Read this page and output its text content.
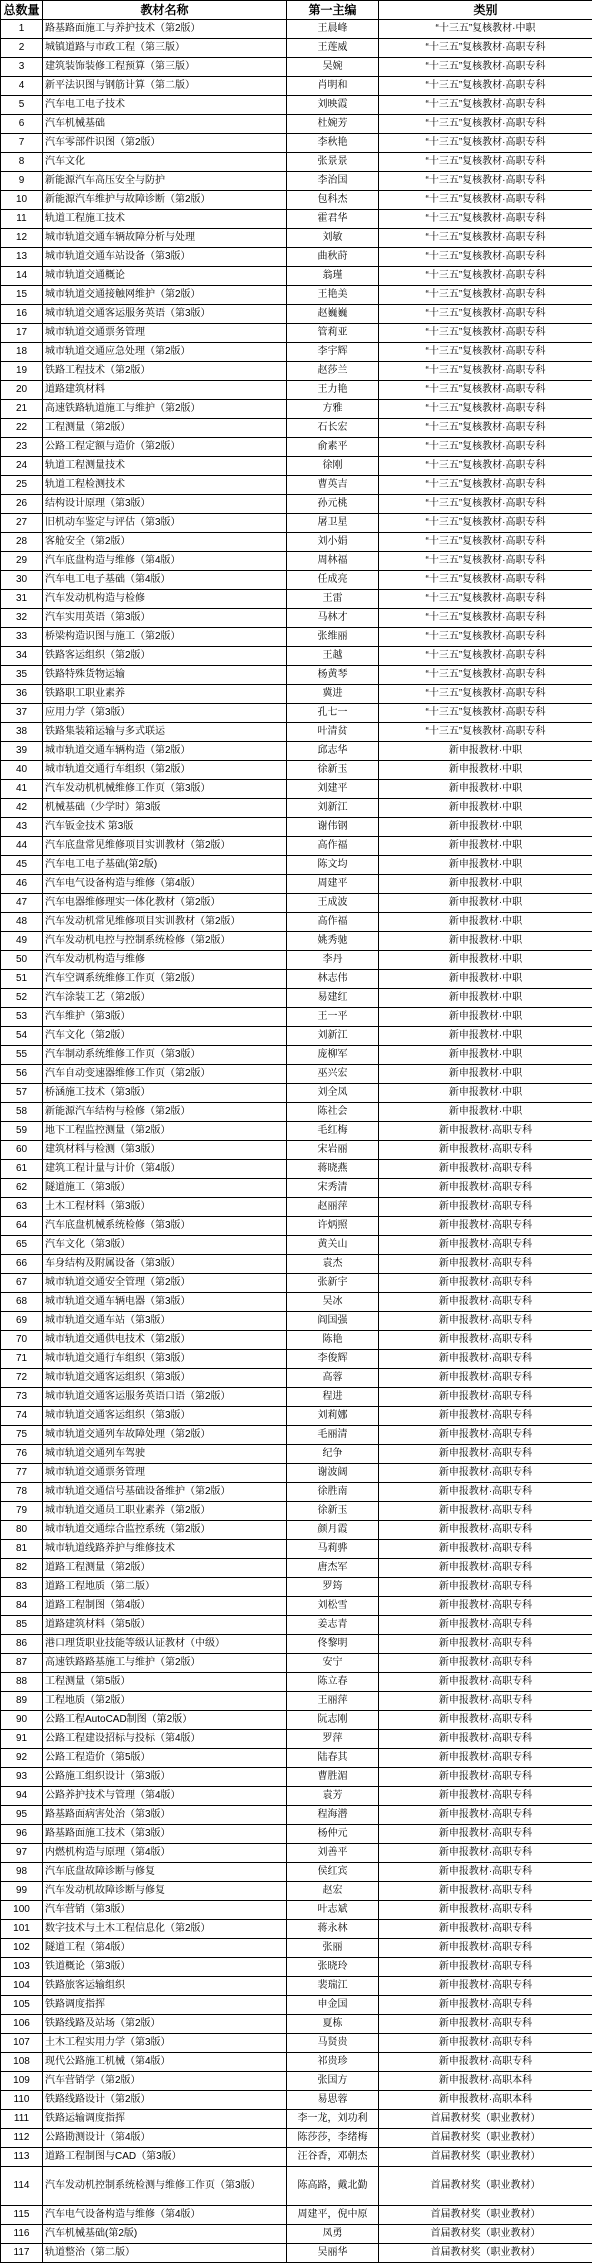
总数量	教材名称	第一主编	类别
1	路基路面施工与养护技术（第2版）	王晨峰	“十三五”复核教材·中职
2	城镇道路与市政工程（第三版）	王莲威	“十三五”复核教材·高职专科
3	建筑装饰装修工程预算（第三版）	吴婉	“十三五”复核教材·高职专科
4	新平法识图与钢筋计算（第二版）	肖明和	“十三五”复核教材·高职专科
5	汽车电工电子技术	刘映霞	“十三五”复核教材·高职专科
6	汽车机械基础	杜婉芳	“十三五”复核教材·高职专科
7	汽车零部件识图（第2版）	李秋艳	“十三五”复核教材·高职专科
8	汽车文化	张景景	“十三五”复核教材·高职专科
9	新能源汽车高压安全与防护	李治国	“十三五”复核教材·高职专科
10	新能源汽车维护与故障诊断（第2版）	包科杰	“十三五”复核教材·高职专科
11	轨道工程施工技术	霍君华	“十三五”复核教材·高职专科
12	城市轨道交通车辆故障分析与处理	刘敏	“十三五”复核教材·高职专科
13	城市轨道交通车站设备（第3版）	曲秋莳	“十三五”复核教材·高职专科
14	城市轨道交通概论	翁瑾	“十三五”复核教材·高职专科
15	城市轨道交通接触网维护（第2版）	王艳美	“十三五”复核教材·高职专科
16	城市轨道交通客运服务英语（第3版）	赵巍巍	“十三五”复核教材·高职专科
17	城市轨道交通票务管理	管莉亚	“十三五”复核教材·高职专科
18	城市轨道交通应急处理（第2版）	李宇辉	“十三五”复核教材·高职专科
19	铁路工程技术（第2版）	赵莎兰	“十三五”复核教材·高职专科
20	道路建筑材料	王力艳	“十三五”复核教材·高职专科
21	高速铁路轨道施工与维护（第2版）	方雅	“十三五”复核教材·高职专科
22	工程测量（第2版）	石长宏	“十三五”复核教材·高职专科
23	公路工程定额与造价（第2版）	俞素平	“十三五”复核教材·高职专科
24	轨道工程测量技术	徐刚	“十三五”复核教材·高职专科
25	轨道工程检测技术	曹英吉	“十三五”复核教材·高职专科
26	结构设计原理（第3版）	孙元桃	“十三五”复核教材·高职专科
27	旧机动车鉴定与评估（第3版）	屠卫星	“十三五”复核教材·高职专科
28	客舱安全（第2版）	刘小娟	“十三五”复核教材·高职专科
29	汽车底盘构造与维修（第4版）	周林福	“十三五”复核教材·高职专科
30	汽车电工电子基础（第4版）	任成亮	“十三五”复核教材·高职专科
31	汽车发动机构造与检修	王雷	“十三五”复核教材·高职专科
32	汽车实用英语（第3版）	马林才	“十三五”复核教材·高职专科
33	桥梁构造识图与施工（第2版）	张维丽	“十三五”复核教材·高职专科
34	铁路客运组织（第2版）	王越	“十三五”复核教材·高职专科
35	铁路特殊货物运输	杨黄琴	“十三五”复核教材·高职专科
36	铁路职工职业素养	冀进	“十三五”复核教材·高职专科
37	应用力学（第3版）	孔七一	“十三五”复核教材·高职专科
38	铁路集装箱运输与多式联运	叶清贫	“十三五”复核教材·高职专科
39	城市轨道交通车辆构造（第2版）	邱志华	新申报教材·中职
40	城市轨道交通行车组织（第2版）	徐新玉	新申报教材·中职
41	汽车发动机机械维修工作页（第3版）	刘建平	新申报教材·中职
42	机械基础（少学时）第3版	刘新江	新申报教材·中职
43	汽车钣金技术 第3版	谢伟钢	新申报教材·中职
44	汽车底盘常见维修项目实训教材（第2版）	高作福	新申报教材·中职
45	汽车电工电子基础(第2版)	陈文均	新申报教材·中职
46	汽车电气设备构造与维修（第4版）	周建平	新申报教材·中职
47	汽车电器维修理实一体化教材（第2版）	王成波	新申报教材·中职
48	汽车发动机常见维修项目实训教材（第2版）	高作福	新申报教材·中职
49	汽车发动机电控与控制系统检修（第2版）	姚秀驰	新申报教材·中职
50	汽车发动机构造与维修	李丹	新申报教材·中职
51	汽车空调系统维修工作页（第2版）	林志伟	新申报教材·中职
52	汽车涂装工艺（第2版）	易建红	新申报教材·中职
53	汽车维护（第3版）	王一平	新申报教材·中职
54	汽车文化（第2版）	刘新江	新申报教材·中职
55	汽车制动系统维修工作页（第3版）	庞柳军	新申报教材·中职
56	汽车自动变速器维修工作页（第2版）	巫兴宏	新申报教材·中职
57	桥涵施工技术（第3版）	刘全凤	新申报教材·中职
58	新能源汽车结构与检修（第2版）	陈社会	新申报教材·中职
59	地下工程监控测量（第2版）	毛红梅	新申报教材·高职专科
60	建筑材料与检测（第3版）	宋岩丽	新申报教材·高职专科
61	建筑工程计量与计价（第4版）	蒋晓燕	新申报教材·高职专科
62	隧道施工（第3版）	宋秀清	新申报教材·高职专科
63	土木工程材料（第3版）	赵丽萍	新申报教材·高职专科
64	汽车底盘机械系统检修（第3版）	许炳照	新申报教材·高职专科
65	汽车文化（第3版）	黄关山	新申报教材·高职专科
66	车身结构及附属设备（第3版）	袁杰	新申报教材·高职专科
67	城市轨道交通安全管理（第2版）	张新宇	新申报教材·高职专科
68	城市轨道交通车辆电器（第3版）	吴冰	新申报教材·高职专科
69	城市轨道交通车站（第3版）	阎国强	新申报教材·高职专科
70	城市轨道交通供电技术（第2版）	陈艳	新申报教材·高职专科
71	城市轨道交通行车组织（第3版）	李俊辉	新申报教材·高职专科
72	城市轨道交通客运组织（第3版）	高蓉	新申报教材·高职专科
73	城市轨道交通客运服务英语口语（第2版）	程进	新申报教材·高职专科
74	城市轨道交通客运组织（第3版）	刘莉娜	新申报教材·高职专科
75	城市轨道交通列车故障处理（第2版）	毛丽清	新申报教材·高职专科
76	城市轨道交通列车驾驶	纪争	新申报教材·高职专科
77	城市轨道交通票务管理	谢波阔	新申报教材·高职专科
78	城市轨道交通信号基础设备维护（第2版）	徐胜南	新申报教材·高职专科
79	城市轨道交通员工职业素养（第2版）	徐新玉	新申报教材·高职专科
80	城市轨道交通综合监控系统（第2版）	颜月霞	新申报教材·高职专科
81	城市轨道线路养护与维修技术	马莉骅	新申报教材·高职专科
82	道路工程测量（第2版）	唐杰军	新申报教材·高职专科
83	道路工程地质（第二版）	罗筠	新申报教材·高职专科
84	道路工程制图（第4版）	刘松雪	新申报教材·高职专科
85	道路建筑材料（第5版）	姜志青	新申报教材·高职专科
86	港口理货职业技能等级认证教材（中级）	佟黎明	新申报教材·高职专科
87	高速铁路路基施工与维护（第2版）	安宁	新申报教材·高职专科
88	工程测量（第5版）	陈立春	新申报教材·高职专科
89	工程地质（第2版）	王丽萍	新申报教材·高职专科
90	公路工程AutoCAD制图（第2版）	阮志刚	新申报教材·高职专科
91	公路工程建设招标与投标（第4版）	罗萍	新申报教材·高职专科
92	公路工程造价（第5版）	陆春其	新申报教材·高职专科
93	公路施工组织设计（第3版）	曹胜湄	新申报教材·高职专科
94	公路养护技术与管理（第4版）	袁芳	新申报教材·高职专科
95	路基路面病害处治（第3版）	程海潜	新申报教材·高职专科
96	路基路面施工技术（第3版）	杨仲元	新申报教材·高职专科
97	内燃机构造与原理（第4版）	刘善平	新申报教材·高职专科
98	汽车底盘故障诊断与修复	侯红宾	新申报教材·高职专科
99	汽车发动机故障诊断与修复	赵宏	新申报教材·高职专科
100	汽车营销（第3版）	叶志斌	新申报教材·高职专科
101	数字技术与土木工程信息化（第2版）	蒋永林	新申报教材·高职专科
102	隧道工程（第4版）	张丽	新申报教材·高职专科
103	铁道概论（第3版）	张晓玲	新申报教材·高职专科
104	铁路旅客运输组织	裴瑞江	新申报教材·高职专科
105	铁路调度指挥	申金国	新申报教材·高职专科
106	铁路线路及站场（第2版）	夏栋	新申报教材·高职专科
107	土木工程实用力学（第3版）	马贤贵	新申报教材·高职专科
108	现代公路施工机械（第4版）	祁贵珍	新申报教材·高职专科
109	汽车营销学（第2版）	张国方	新申报教材·高职本科
110	铁路线路设计（第2版）	易思蓉	新申报教材·高职本科
111	铁路运输调度指挥	李一龙，刘功利	首届教材奖（职业教材）
112	公路勘测设计（第4版）	陈莎莎，李绪梅	首届教材奖（职业教材）
113	道路工程制图与CAD（第3版）	汪谷香，邓朝杰	首届教材奖（职业教材）
114	汽车发动机控制系统检测与维修工作页（第3版）	陈高路，戴北勤	首届教材奖（职业教材）
115	汽车电气设备构造与维修（第4版）	周建平，倪中原	首届教材奖（职业教材）
116	汽车机械基础(第2版)	凤勇	首届教材奖（职业教材）
117	轨道整治（第二版）	吴丽华	首届教材奖（职业教材）
